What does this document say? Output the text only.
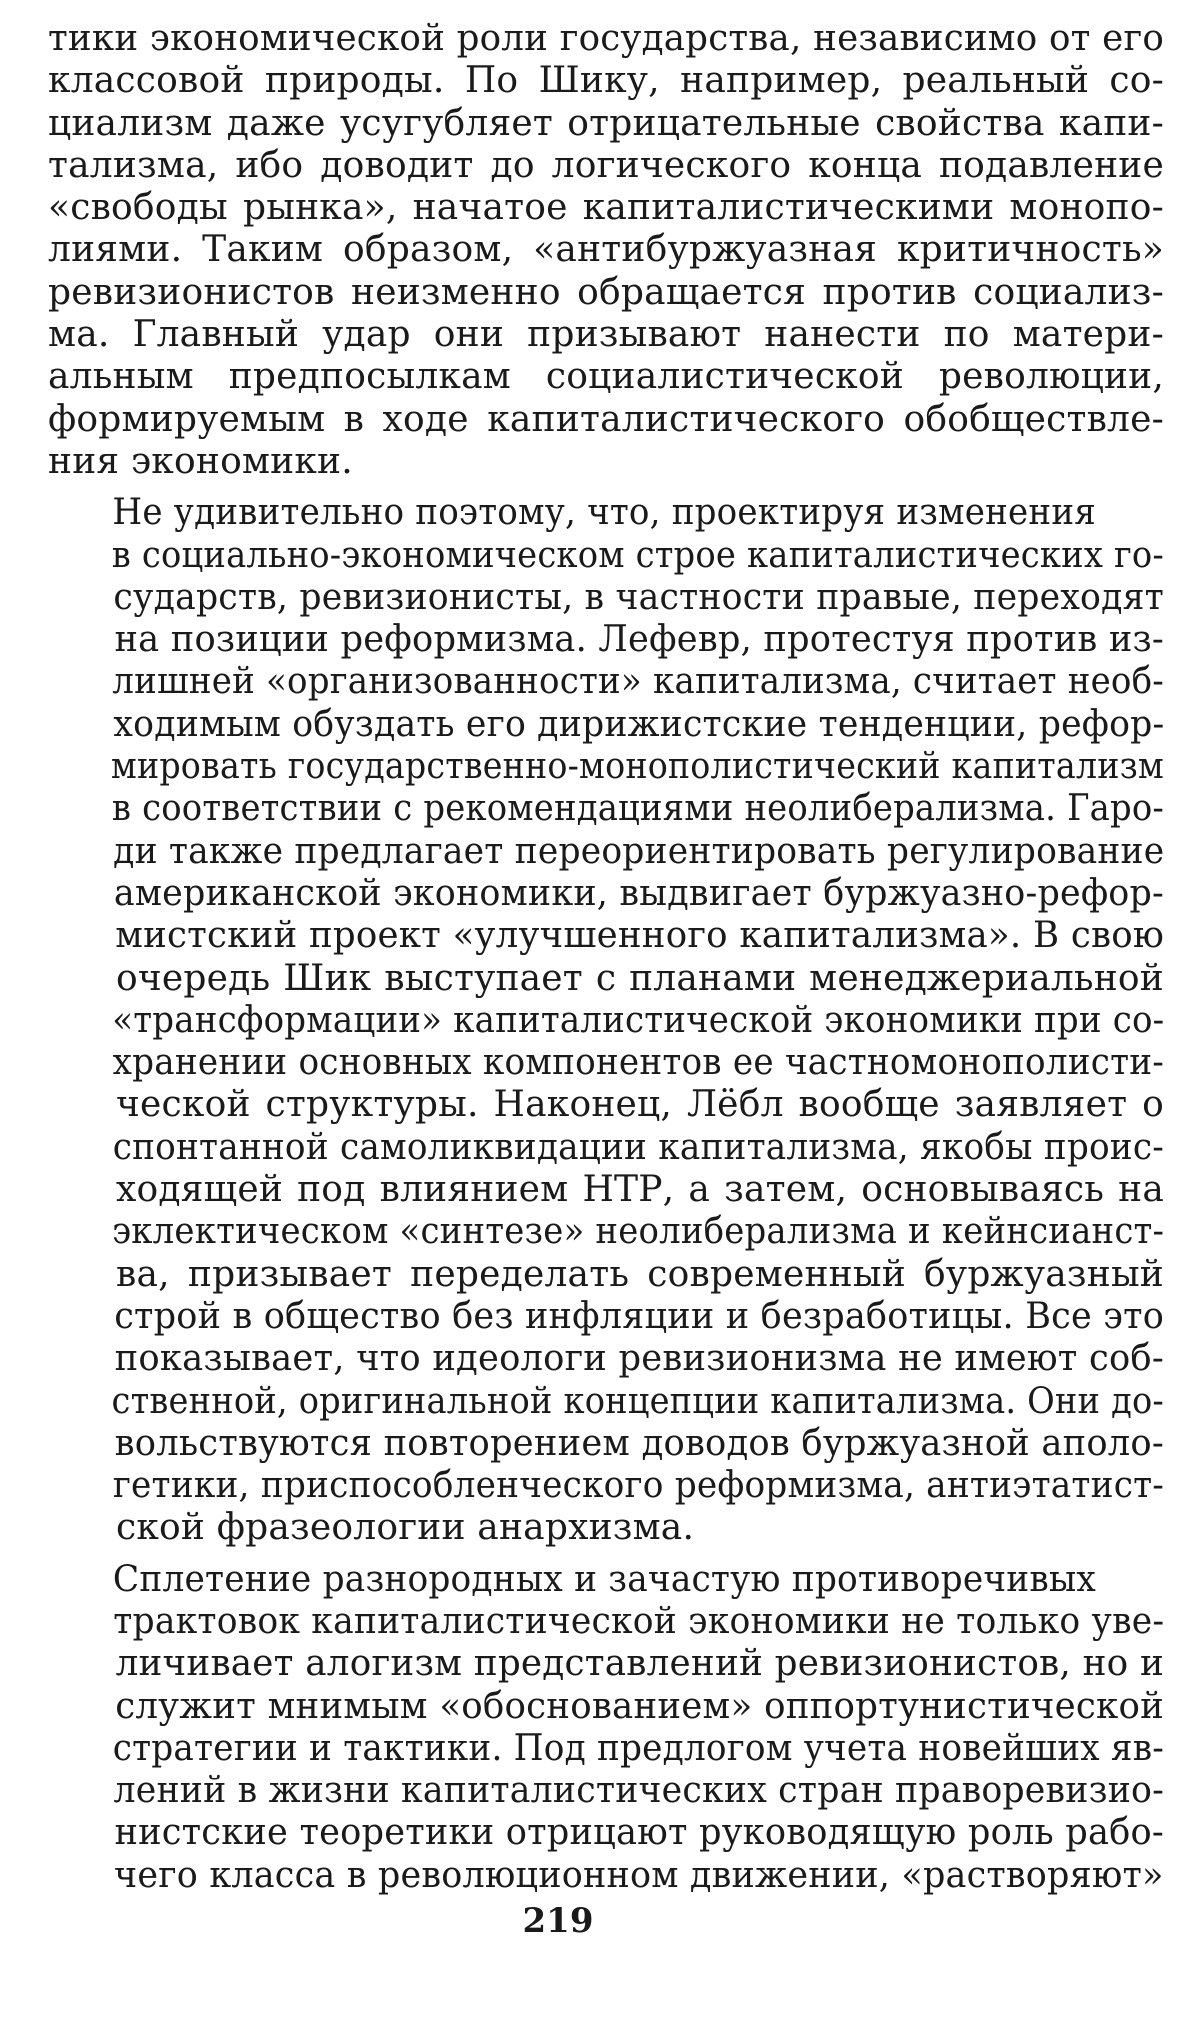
тики экономической роли государства, независимо от его
классовой природы. По Шику, например, реальный со-
циализм даже усугубляет отрицательные свойства капи-
тализма, ибо доводит до логического конца подавление
«свободы рынка», начатое капиталистическими монопо-
лиями. Таким образом, «антибуржуазная критичность»
ревизионистов неизменно обращается против социализ-
ма. Главный удар они призывают нанести по матери-
альным предпосылкам социалистической революции,
формируемым в ходе капиталистического обобществле-
ния экономики.

Не удивительно поэтому, что, проектируя изменения
в социально-экономическом строе капиталистических го-
сударств, ревизионисты, в частности правые, переходят
на позиции реформизма. Лефевр, протестуя против из-
лишней «организованности» капитализма, считает необ-
ходимым обуздать его дирижистские тенденции, рефор-
мировать государственно-монополистический капитализм
в соответствии с рекомендациями неолиберализма. Гаро-
ди также предлагает переориентировать регулирование
американской экономики, выдвигает буржуазно-рефор-
мистский проект «улучшенного капитализма». В свою
очередь Шик выступает с планами менеджериальной
«трансформации» капиталистической экономики при со-
хранении основных компонентов ее частномонополисти-
ческой структуры. Наконец, Лёбл вообще заявляет о
спонтанной самоликвидации капитализма, якобы проис-
ходящей под влиянием НТР, а затем, основываясь на
эклектическом «синтезе» неолиберализма и кейнсианст-
ва, призывает переделать современный буржуазный
строй в общество без инфляции и безработицы. Все это
показывает, что идеологи ревизионизма не имеют соб-
ственной, оригинальной концепции капитализма. Они до-
вольствуются повторением доводов буржуазной аполо-
гетики, приспособленческого реформизма, антиэтатист-
ской фразеологии анархизма.

Сплетение разнородных и зачастую противоречивых
трактовок капиталистической экономики не только уве-
личивает алогизм представлений ревизионистов, но и
служит мнимым «обоснованием» оппортунистической
стратегии и тактики. Под предлогом учета новейших яв-
лений в жизни капиталистических стран праворевизио-
нистские теоретики отрицают руководящую роль рабо-
чего класса в революционном движении, «растворяют»

219
